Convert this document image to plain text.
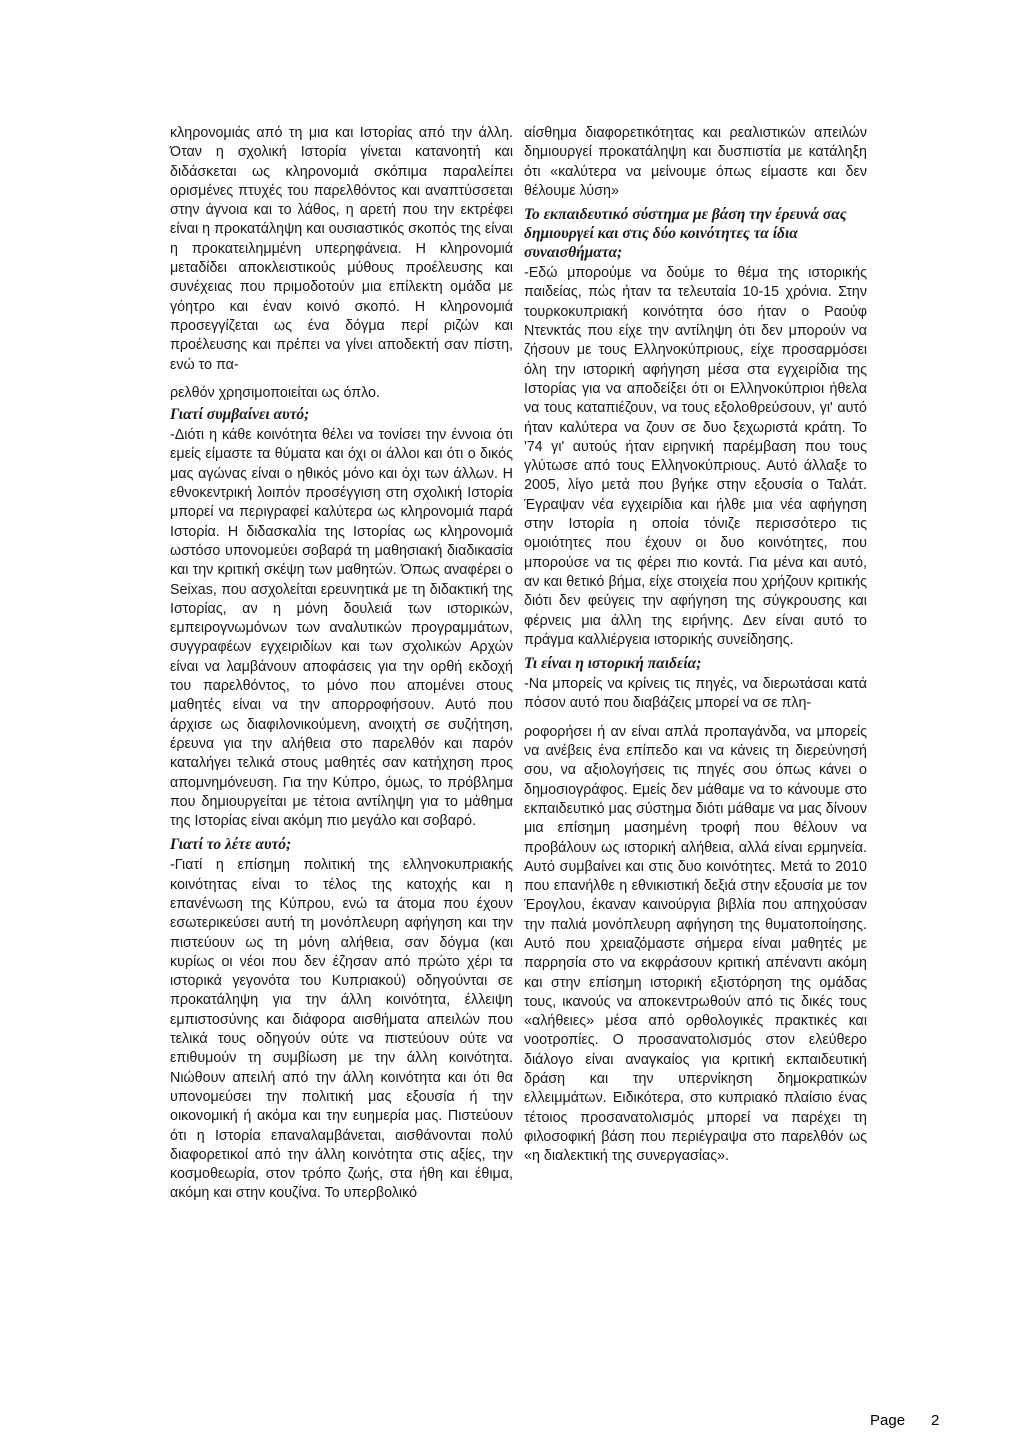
κληρονομιάς από τη μια και Ιστορίας από την άλλη. Όταν η σχολική Ιστορία γίνεται κατανοητή και διδάσκεται ως κληρονομιά σκόπιμα παραλείπει ορισμένες πτυχές του παρελθόντος και αναπτύσσεται στην άγνοια και το λάθος, η αρετή που την εκτρέφει είναι η προκατάληψη και ουσιαστικός σκοπός της είναι η προκατειλημμένη υπερηφάνεια. Η κληρονομιά μεταδίδει αποκλειστικούς μύθους προέλευσης και συνέχειας που πριμοδοτούν μια επίλεκτη ομάδα με γόητρο και έναν κοινό σκοπό. Η κληρονομιά προσεγγίζεται ως ένα δόγμα περί ριζών και προέλευσης και πρέπει να γίνει αποδεκτή σαν πίστη, ενώ το πα-

ρελθόν χρησιμοποιείται ως όπλο.

Γιατί συμβαίνει αυτό;

-Διότι η κάθε κοινότητα θέλει να τονίσει την έννοια ότι εμείς είμαστε τα θύματα και όχι οι άλλοι και ότι ο δικός μας αγώνας είναι ο ηθικός μόνο και όχι των άλλων. Η εθνοκεντρική λοιπόν προσέγγιση στη σχολική Ιστορία μπορεί να περιγραφεί καλύτερα ως κληρονομιά παρά Ιστορία. Η διδασκαλία της Ιστορίας ως κληρονομιά ωστόσο υπονομεύει σοβαρά τη μαθησιακή διαδικασία και την κριτική σκέψη των μαθητών. Όπως αναφέρει ο Seixas, που ασχολείται ερευνητικά με τη διδακτική της Ιστορίας, αν η μόνη δουλειά των ιστορικών, εμπειρογνωμόνων των αναλυτικών προγραμμάτων, συγγραφέων εγχειριδίων και των σχολικών Αρχών είναι να λαμβάνουν αποφάσεις για την ορθή εκδοχή του παρελθόντος, το μόνο που απομένει στους μαθητές είναι να την απορροφήσουν. Αυτό που άρχισε ως διαφιλονικούμενη, ανοιχτή σε συζήτηση, έρευνα για την αλήθεια στο παρελθόν και παρόν καταλήγει τελικά στους μαθητές σαν κατήχηση προς απομνημόνευση. Για την Κύπρο, όμως, το πρόβλημα που δημιουργείται με τέτοια αντίληψη για το μάθημα της Ιστορίας είναι ακόμη πιο μεγάλο και σοβαρό.

Γιατί το λέτε αυτό;

-Γιατί η επίσημη πολιτική της ελληνοκυπριακής κοινότητας είναι το τέλος της κατοχής και η επανένωση της Κύπρου, ενώ τα άτομα που έχουν εσωτερικεύσει αυτή τη μονόπλευρη αφήγηση και την πιστεύουν ως τη μόνη αλήθεια, σαν δόγμα (και κυρίως οι νέοι που δεν έζησαν από πρώτο χέρι τα ιστορικά γεγονότα του Κυπριακού) οδηγούνται σε προκατάληψη για την άλλη κοινότητα, έλλειψη εμπιστοσύνης και διάφορα αισθήματα απειλών που τελικά τους οδηγούν ούτε να πιστεύουν ούτε να επιθυμούν τη συμβίωση με την άλλη κοινότητα. Νιώθουν απειλή από την άλλη κοινότητα και ότι θα υπονομεύσει την πολιτική μας εξουσία ή την οικονομική ή ακόμα και την ευημερία μας. Πιστεύουν ότι η Ιστορία επαναλαμβάνεται, αισθάνονται πολύ διαφορετικοί από την άλλη κοινότητα στις αξίες, την κοσμοθεωρία, στον τρόπο ζωής, στα ήθη και έθιμα, ακόμη και στην κουζίνα. Το υπερβολικό

αίσθημα διαφορετικότητας και ρεαλιστικών απειλών δημιουργεί προκατάληψη και δυσπιστία με κατάληξη ότι «καλύτερα να μείνουμε όπως είμαστε και δεν θέλουμε λύση»

Το εκπαιδευτικό σύστημα με βάση την έρευνά σας δημιουργεί και στις δύο κοινότητες τα ίδια συναισθήματα;

-Εδώ μπορούμε να δούμε το θέμα της ιστορικής παιδείας, πώς ήταν τα τελευταία 10-15 χρόνια. Στην τουρκοκυπριακή κοινότητα όσο ήταν ο Ραούφ Ντενκτάς που είχε την αντίληψη ότι δεν μπορούν να ζήσουν με τους Ελληνοκύπριους, είχε προσαρμόσει όλη την ιστορική αφήγηση μέσα στα εγχειρίδια της Ιστορίας για να αποδείξει ότι οι Ελληνοκύπριοι ήθελα να τους καταπιέζουν, να τους εξολοθρεύσουν, γι' αυτό ήταν καλύτερα να ζουν σε δυο ξεχωριστά κράτη. Το '74 γι' αυτούς ήταν ειρηνική παρέμβαση που τους γλύτωσε από τους Ελληνοκύπριους. Αυτό άλλαξε το 2005, λίγο μετά που βγήκε στην εξουσία ο Ταλάτ. Έγραψαν νέα εγχειρίδια και ήλθε μια νέα αφήγηση στην Ιστορία η οποία τόνιζε περισσότερο τις ομοιότητες που έχουν οι δυο κοινότητες, που μπορούσε να τις φέρει πιο κοντά. Για μένα και αυτό, αν και θετικό βήμα, είχε στοιχεία που χρήζουν κριτικής διότι δεν φεύγεις την αφήγηση της σύγκρουσης και φέρνεις μια άλλη της ειρήνης. Δεν είναι αυτό το πράγμα καλλιέργεια ιστορικής συνείδησης.

Τι είναι η ιστορική παιδεία;

-Να μπορείς να κρίνεις τις πηγές, να διερωτάσαι κατά πόσον αυτό που διαβάζεις μπορεί να σε πλη-

ροφορήσει ή αν είναι απλά προπαγάνδα, να μπορείς να ανέβεις ένα επίπεδο και να κάνεις τη διερεύνησή σου, να αξιολογήσεις τις πηγές σου όπως κάνει ο δημοσιογράφος. Εμείς δεν μάθαμε να το κάνουμε στο εκπαιδευτικό μας σύστημα διότι μάθαμε να μας δίνουν μια επίσημη μασημένη τροφή που θέλουν να προβάλουν ως ιστορική αλήθεια, αλλά είναι ερμηνεία. Αυτό συμβαίνει και στις δυο κοινότητες. Μετά το 2010 που επανήλθε η εθνικιστική δεξιά στην εξουσία με τον Έρογλου, έκαναν καινούργια βιβλία που απηχούσαν την παλιά μονόπλευρη αφήγηση της θυματοποίησης. Αυτό που χρειαζόμαστε σήμερα είναι μαθητές με παρρησία στο να εκφράσουν κριτική απέναντι ακόμη και στην επίσημη ιστορική εξιστόρηση της ομάδας τους, ικανούς να αποκεντρωθούν από τις δικές τους «αλήθειες» μέσα από ορθολογικές πρακτικές και νοοτροπίες. Ο προσανατολισμός στον ελεύθερο διάλογο είναι αναγκαίος για κριτική εκπαιδευτική δράση και την υπερνίκηση δημοκρατικών ελλειμμάτων. Ειδικότερα, στο κυπριακό πλαίσιο ένας τέτοιος προσανατολισμός μπορεί να παρέχει τη φιλοσοφική βάση που περιέγραψα στο παρελθόν ως «η διαλεκτική της συνεργασίας».

Page 2
